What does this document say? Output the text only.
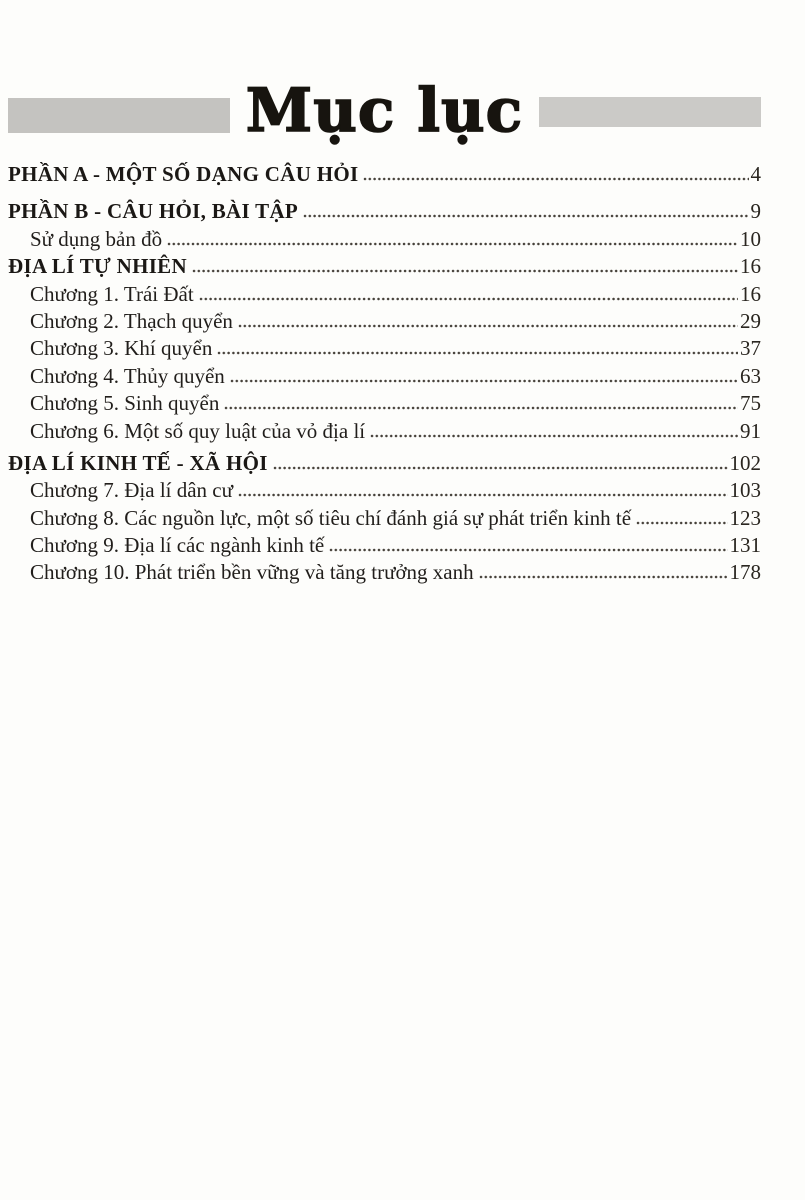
Mục lục
PHẦN A - MỘT SỐ DẠNG CÂU HỎI	4
PHẦN B - CÂU HỎI, BÀI TẬP	9
Sử dụng bản đồ	10
ĐỊA LÍ TỰ NHIÊN	16
Chương 1. Trái Đất	16
Chương 2. Thạch quyển	29
Chương 3. Khí quyển	37
Chương 4. Thủy quyển	63
Chương 5. Sinh quyển	75
Chương 6. Một số quy luật của vỏ địa lí	91
ĐỊA LÍ KINH TẾ - XÃ HỘI	102
Chương 7. Địa lí dân cư	103
Chương 8. Các nguồn lực, một số tiêu chí đánh giá sự phát triển kinh tế	123
Chương 9. Địa lí các ngành kinh tế	131
Chương 10. Phát triển bền vững và tăng trưởng xanh	178
